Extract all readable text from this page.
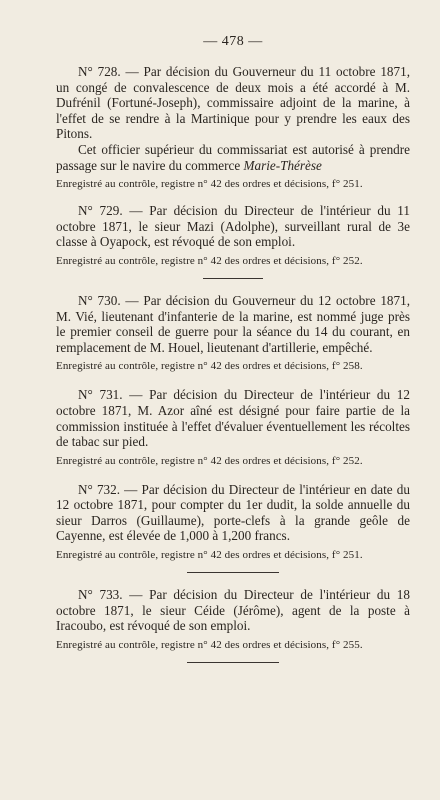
— 478 —

N° 728. — Par décision du Gouverneur du 11 octobre 1871, un congé de convalescence de deux mois a été accordé à M. Dufrénil (Fortuné-Joseph), commissaire adjoint de la marine, à l'effet de se rendre à la Martinique pour y prendre les eaux des Pitons.

Cet officier supérieur du commissariat est autorisé à prendre passage sur le navire du commerce Marie-Thérèse

Enregistré au contrôle, registre n° 42 des ordres et décisions, f° 251.

N° 729. — Par décision du Directeur de l'intérieur du 11 octobre 1871, le sieur Mazi (Adolphe), surveillant rural de 3e classe à Oyapock, est révoqué de son emploi.

Enregistré au contrôle, registre n° 42 des ordres et décisions, f° 252.

N° 730. — Par décision du Gouverneur du 12 octobre 1871, M. Vié, lieutenant d'infanterie de la marine, est nommé juge près le premier conseil de guerre pour la séance du 14 du courant, en remplacement de M. Houel, lieutenant d'artillerie, empêché.

Enregistré au contrôle, registre n° 42 des ordres et décisions, f° 258.

N° 731. — Par décision du Directeur de l'intérieur du 12 octobre 1871, M. Azor aîné est désigné pour faire partie de la commission instituée à l'effet d'évaluer éventuellement les récoltes de tabac sur pied.

Enregistré au contrôle, registre n° 42 des ordres et décisions, f° 252.

N° 732. — Par décision du Directeur de l'intérieur en date du 12 octobre 1871, pour compter du 1er dudit, la solde annuelle du sieur Darros (Guillaume), porte-clefs à la grande geôle de Cayenne, est élevée de 1,000 à 1,200 francs.

Enregistré au contrôle, registre n° 42 des ordres et décisions, f° 251.

N° 733. — Par décision du Directeur de l'intérieur du 18 octobre 1871, le sieur Céide (Jérôme), agent de la poste à Iracoubo, est révoqué de son emploi.

Enregistré au contrôle, registre n° 42 des ordres et décisions, f° 255.
